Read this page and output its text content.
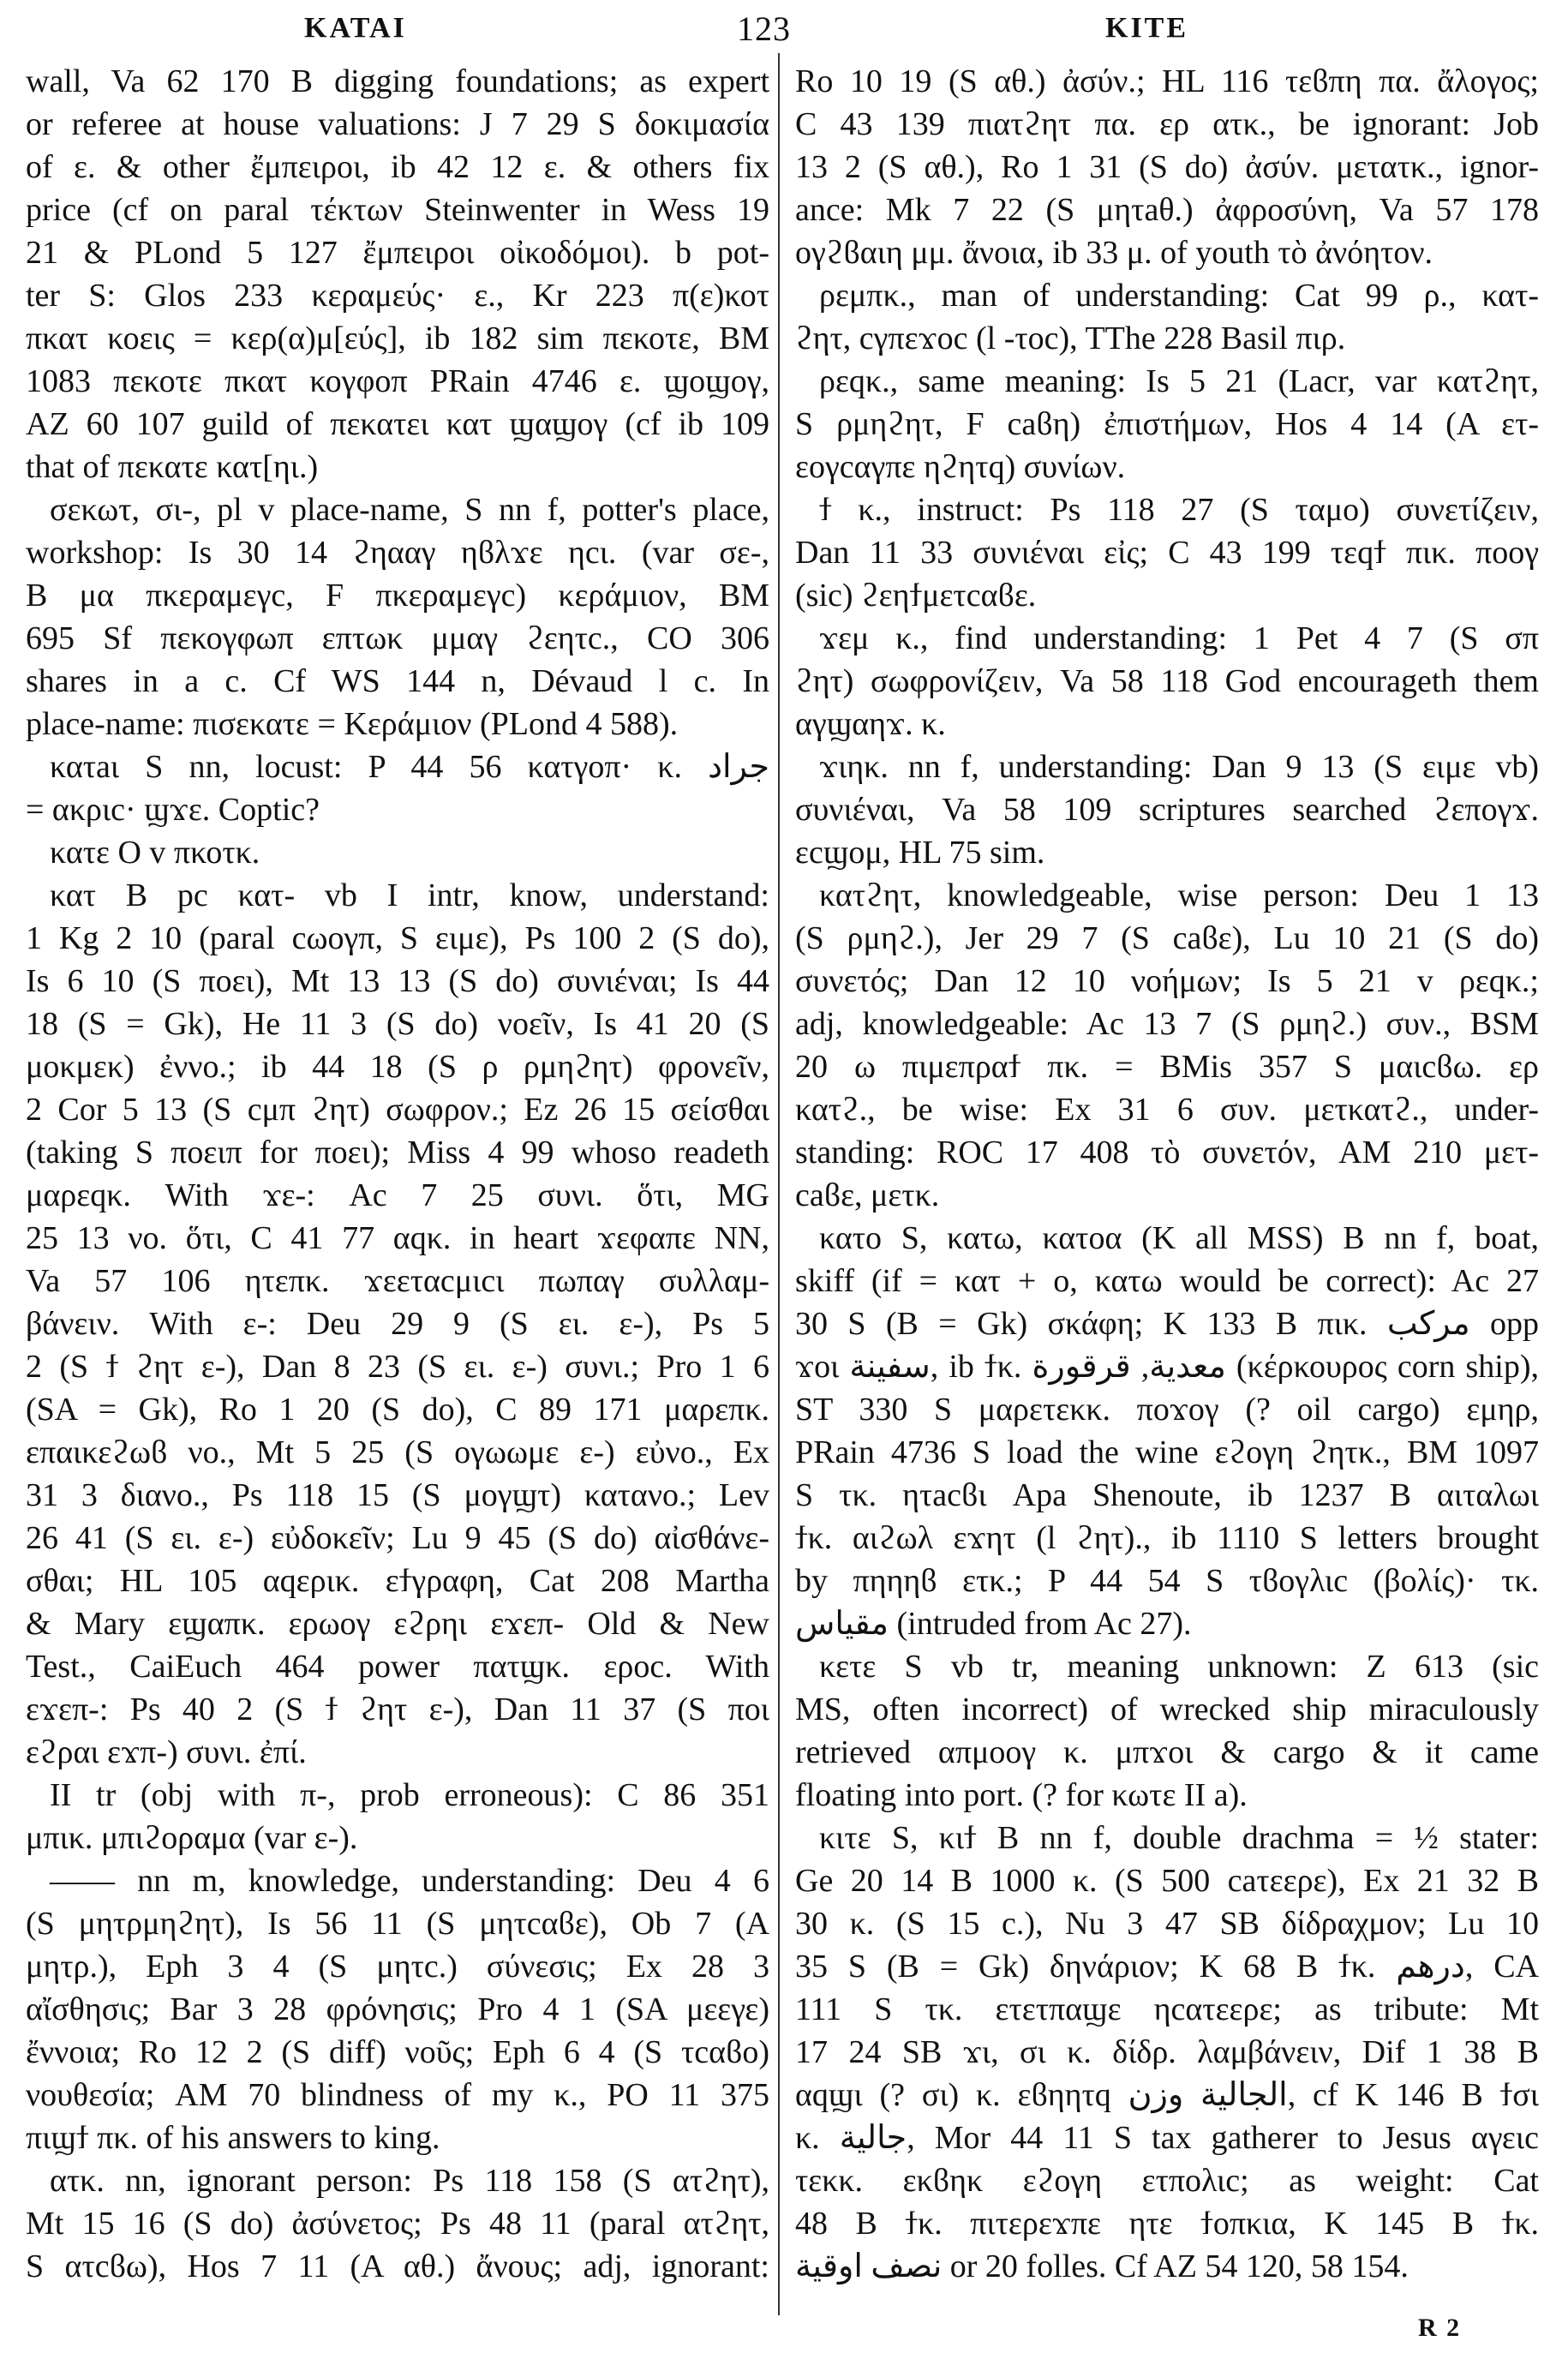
ΚΑΤΑΙ	123	ΚΙΤΕ
wall, Va 62 170 B digging foundations; as expert
or referee at house valuations: J 7 29 S δοκιμασία
of ε. & other ἔμπειροι, ib 42 12 ε. & others fix
price (cf on paral τέκτων Steinwenter in Wess 19
21 & PLond 5 127 ἔμπειροι οἰκοδόμοι). b pot-
ter S: Glos 233 κεραμεύς· ε., Kr 223 π(ε)κοτ
πκατ κοεις = κερ(α)μ[εύς], ib 182 sim πεκοτε, BM
1083 πεκοτε πκατ κογφοπ PRain 4746 ε. ϣοϣογ,
AZ 60 107 guild of πεκατει κατ ϣαϣογ (cf ib 109
that of πεκατε κατ[ηι.)
σεκωτ, σι-, pl v place-name, S nn f, potter's place,
workshop: Is 30 14 ϩηααγ ηϐλϫε ηcι. (var σε-,
B μα πκεραμεγc, F πκεραμεγc) κεράμιον, BM
695 Sf πεκογφωπ επτωκ μμαγ ϩεητc., CO 306
shares in a c. Cf WS 144 n, Dévaud l c. In
place-name: πισεκατε = Κεράμιον (PLond 4 588).
κατaι S nn, locust: P 44 56 κατγοπ· κ. جراد
= ακριc· ϣϫε. Coptic?
κατε O v πκοτκ.
κατ B pc κατ- vb I intr, know, understand:
1 Kg 2 10 (paral cωογπ, S ειμε), Ps 100 2 (S do),
Is 6 10 (S ποει), Mt 13 13 (S do) συνιέναι; Is 44
18 (S = Gk), He 11 3 (S do) νοεῖν, Is 41 20 (S
μοκμεκ) ἐννο.; ib 44 18 (S ρ ρμηϩητ) φρονεῖν,
2 Cor 5 13 (S cμπ ϩητ) σωφρον.; Ez 26 15 σείσθαι
(taking S ποειπ for ποει); Miss 4 99 whoso readeth
μαρεqκ. With ϫε-: Ac 7 25 συνι. ὅτι, MG
25 13 νο. ὅτι, C 41 77 αqκ. in heart ϫεφαπε NN,
Va 57 106 ητεπκ. ϫεεταcμιcι πωπαγ συλλαμ-
βάνειν. With ε-: Deu 29 9 (S ει. ε-), Ps 5
2 (S ϯ ϩητ ε-), Dan 8 23 (S ει. ε-) συνι.; Pro 1 6
(SA = Gk), Ro 1 20 (S do), C 89 171 μαρεπκ.
επαικεϩωϐ νο., Mt 5 25 (S ογωωμε ε-) εὐνο., Ex
31 3 διανο., Ps 118 15 (S μογϣτ) κατανο.; Lev
26 41 (S ει. ε-) εὐδοκεῖν; Lu 9 45 (S do) αἰσθάνε-
σθαι; HL 105 αqερικ. εϯγραφη, Cat 208 Martha
& Mary εϣαπκ. ερωογ εϩρηι εϫεπ- Old & New
Test., CaiEuch 464 power πατϣκ. εροc. With
εϫεπ-: Ps 40 2 (S ϯ ϩητ ε-), Dan 11 37 (S ποι
εϩραι εϫπ-) συνι. ἐπί.
II tr (obj with π-, prob erroneous): C 86 351
μπικ. μπιϩοραμα (var ε-).
—— nn m, knowledge, understanding: Deu 4 6
(S μητρμηϩητ), Is 56 11 (S μητcαϐε), Ob 7 (A
μητρ.), Eph 3 4 (S μητc.) σύνεσις; Ex 28 3
αἴσθησις; Bar 3 28 φρόνησις; Pro 4 1 (SA μεεγε)
ἔννοια; Ro 12 2 (S diff) νοῦς; Eph 6 4 (S τcαϐο)
νουθεσία; AM 70 blindness of my κ., PO 11 375
πιϣϯ πκ. of his answers to king.
ατκ. nn, ignorant person: Ps 118 158 (S ατϩητ),
Mt 15 16 (S do) ἀσύνετος; Ps 48 11 (paral ατϩητ,
S ατcϐω), Hos 7 11 (A αθ.) ἄνους; adj, ignorant:
Ro 10 19 (S αθ.) ἀσύν.; HL 116 τεϐπη πα. ἄλογος;
C 43 139 πιατϩητ πα. ερ ατκ., be ignorant: Job
13 2 (S αθ.), Ro 1 31 (S do) ἀσύν. μετατκ., ignor-
ance: Mk 7 22 (S μητaθ.) ἀφροσύνη, Va 57 178
ογϩϐαιη μμ. ἄνοια, ib 33 μ. of youth τὸ ἀνόητον.
ρεμπκ., man of understanding: Cat 99 ρ., κατ-
ϩητ, cγπεϫοc (l -τοc), TThe 228 Basil πιρ.
ρεqκ., same meaning: Is 5 21 (Lacr, var κατϩητ,
S ρμηϩητ, F caϐη) ἐπιστήμων, Hos 4 14 (A ετ-
εογcαγπε ηϩητq) συνίων.
ϯ κ., instruct: Ps 118 27 (S ταμο) συνετίζειν,
Dan 11 33 συνιέναι εἰς; C 43 199 τεqϯ πικ. ποογ
(sic) ϩεηϯμετcαϐε.
ϫεμ κ., find understanding: 1 Pet 4 7 (S σπ
ϩητ) σωφρονίζειν, Va 58 118 God encourageth them
αγϣαηϫ. κ.
ϫιηκ. nn f, understanding: Dan 9 13 (S ειμε vb)
συνιέναι, Va 58 109 scriptures searched ϩεπογϫ.
εcϣομ, HL 75 sim.
κατϩητ, knowledgeable, wise person: Deu 1 13
(S ρμηϩ.), Jer 29 7 (S caϐε), Lu 10 21 (S do)
συνετός; Dan 12 10 νοήμων; Is 5 21 v ρεqκ.;
adj, knowledgeable: Ac 13 7 (S ρμηϩ.) συν., BSM
20 ω πιμεπραϯ πκ. = BMis 357 S μαιcϐω. ερ
κατϩ., be wise: Ex 31 6 συν. μετκατϩ., under-
standing: ROC 17 408 τὸ συνετόν, AM 210 μετ-
caϐε, μετκ.
κατο S, κατω, κατοα (K all MSS) B nn f, boat,
skiff (if = κατ + ο, κατω would be correct): Ac 27
30 S (B = Gk) σκάφη; K 133 B πικ. مركب opp
ϫοι سفينة, ib ϯκ. معدية, قرقورة (κέρκουρος corn ship),
ST 330 S μαρετεκκ. ποϫογ (? oil cargo) εμηρ,
PRain 4736 S load the wine εϩογη ϩητκ., BM 1097
S τκ. ητacϐι Apa Shenoute, ib 1237 B αιταλωι
ϯκ. αιϩωλ εϫητ (l ϩητ)., ib 1110 S letters brought
by πηηηϐ ετκ.; P 44 54 S τϐογλιc (βολίς)· τκ.
مقياس (intruded from Ac 27).
κετε S vb tr, meaning unknown: Z 613 (sic
MS, often incorrect) of wrecked ship miraculously
retrieved απμοογ κ. μπϫοι & cargo & it came
floating into port. (? for κωτε II a).
κιτε S, κιϯ B nn f, double drachma = ½ stater:
Ge 20 14 B 1000 κ. (S 500 caτεερε), Ex 21 32 B
30 κ. (S 15 c.), Nu 3 47 SB δίδραχμον; Lu 10
35 S (B = Gk) δηνάριον; K 68 B ϯκ. درهم, CA
111 S τκ. ετετπαϣε ηcατεερε; as tribute: Mt
17 24 SB ϫι, σι κ. δίδρ. λαμβάνειν, Dif 1 38 B
αqϣι (? σι) κ. εϐηητq الجالية وزن, cf K 146 B ϯσι
κ. جالية, Mor 44 11 S tax gatherer to Jesus αγειc
τεκκ. εκϐηκ εϩογη ετπολιc; as weight: Cat
48 B ϯκ. πιτερεϫπε ητε ϯοπκια, K 145 B ϯκ.
نصف اوقية or 20 folles. Cf AZ 54 120, 58 154.
R 2
